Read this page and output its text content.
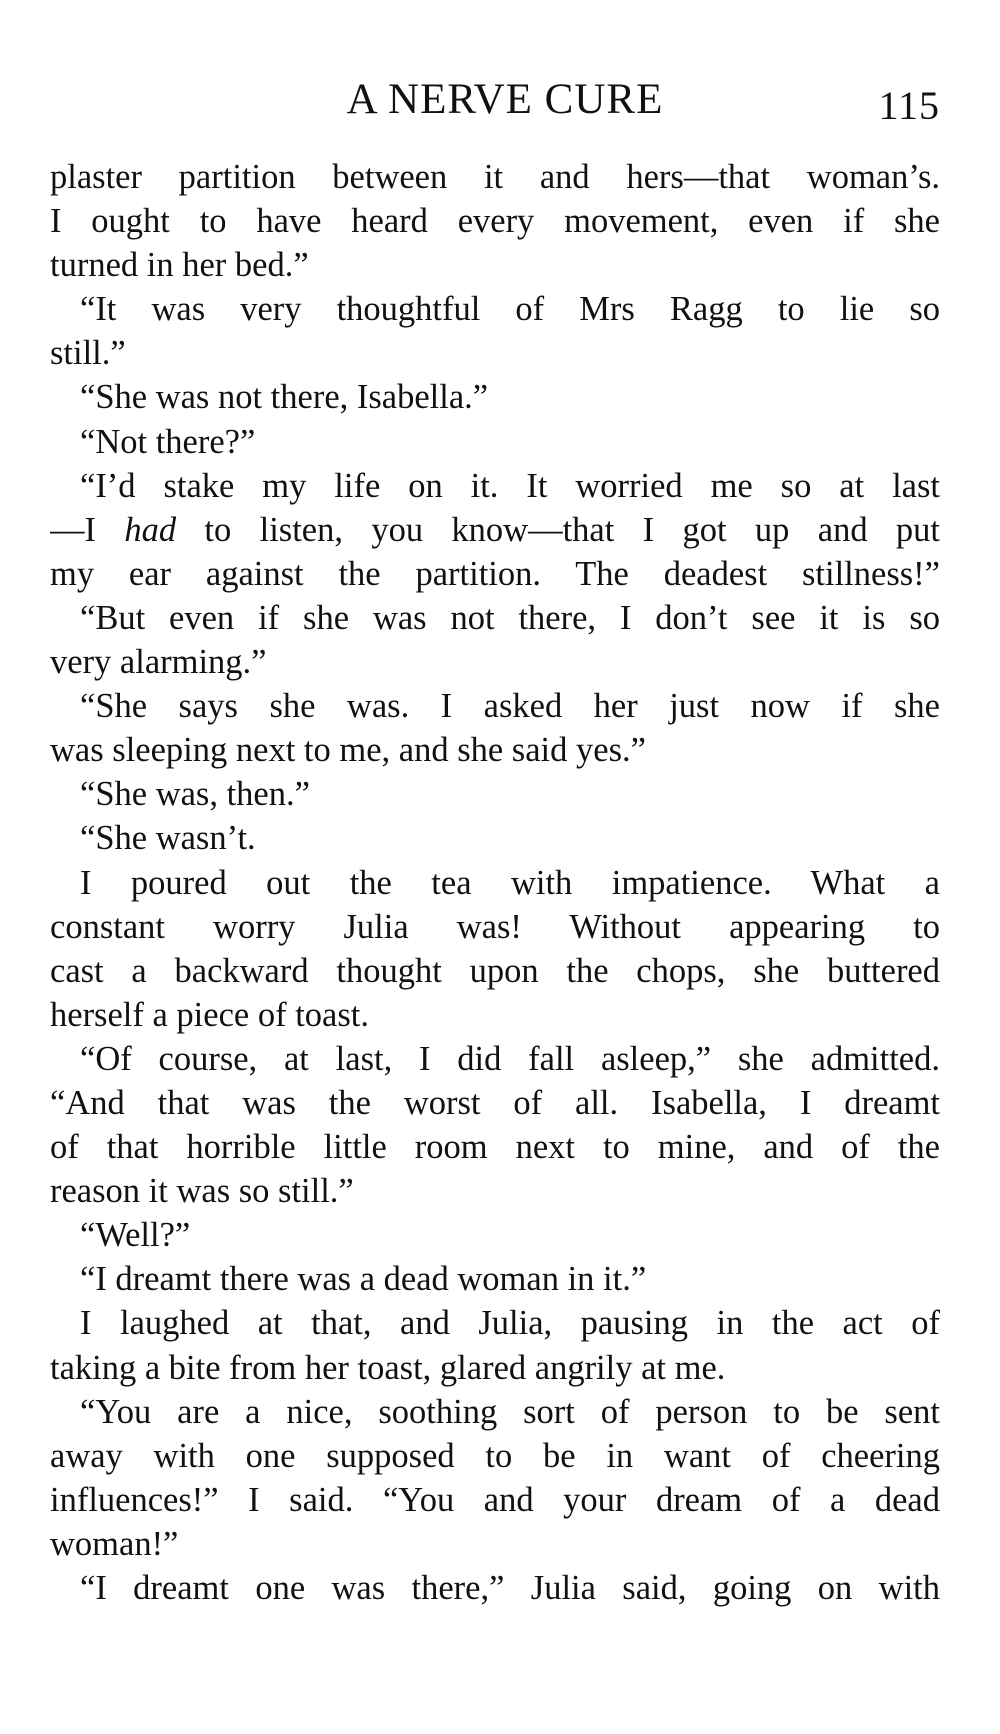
A NERVE CURE	115
plaster partition between it and hers—that woman’s.
I ought to have heard every movement, even if she
turned in her bed.”
“It was very thoughtful of Mrs Ragg to lie so
still.”
“She was not there, Isabella.”
“Not there?”
“I’d stake my life on it. It worried me so at last
—I had to listen, you know—that I got up and put
my ear against the partition. The deadest stillness!”
“But even if she was not there, I don’t see it is so
very alarming.”
“She says she was. I asked her just now if she
was sleeping next to me, and she said yes.”
“She was, then.”
“She wasn’t.
I poured out the tea with impatience. What a
constant worry Julia was! Without appearing to
cast a backward thought upon the chops, she buttered
herself a piece of toast.
“Of course, at last, I did fall asleep,” she admitted.
“And that was the worst of all. Isabella, I dreamt
of that horrible little room next to mine, and of the
reason it was so still.”
“Well?”
“I dreamt there was a dead woman in it.”
I laughed at that, and Julia, pausing in the act of
taking a bite from her toast, glared angrily at me.
“You are a nice, soothing sort of person to be sent
away with one supposed to be in want of cheering
influences!” I said. “You and your dream of a dead
woman!”
“I dreamt one was there,” Julia said, going on with
